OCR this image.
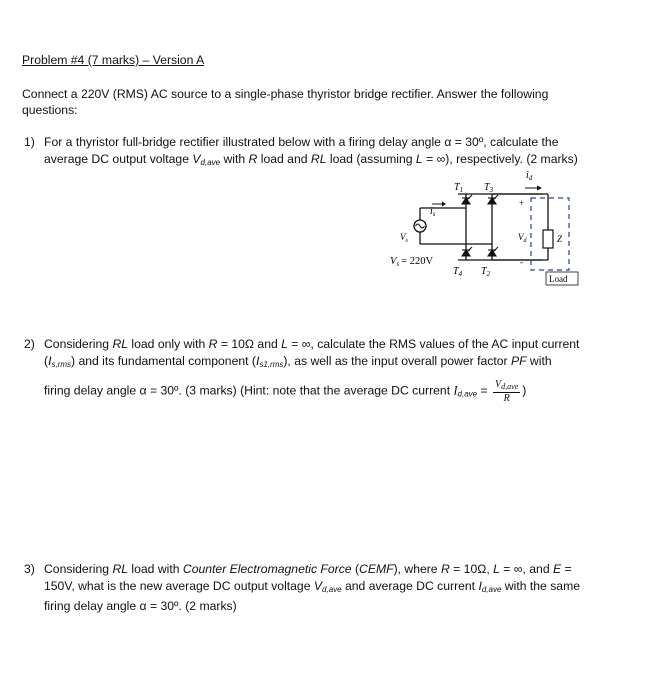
Problem #4 (7 marks) – Version A
Connect a 220V (RMS) AC source to a single-phase thyristor bridge rectifier. Answer the following questions:
1) For a thyristor full-bridge rectifier illustrated below with a firing delay angle α = 30º, calculate the average DC output voltage $V_{d,ave}$ with R load and RL load (assuming L = ∞), respectively. (2 marks)
$T_1$ $T_3$
$T_4$ $T_2$
$i_s$
$V_s$
Vs = 220V
$i_d$
+
-
$V_d$	Z
Load
2) Considering RL load only with R = 10Ω and L = ∞, calculate the RMS values of the AC input current $(I_{s,rms})$ and its fundamental component $(I_{s1,rms})$, as well as the input overall power factor PF with
firing delay angle α = 30º. (3 marks) (Hint: note that the average DC current $I_{d,ave} = \frac{V_{d,ave}}{R}$ )
3) Considering RL load with Counter Electromagnetic Force (CEMF), where R = 10Ω, L = ∞, and E = 150V, what is the new average DC output voltage $V_{d,ave}$ and average DC current $I_{d,ave}$ with the same firing delay angle α = 30º. (2 marks)
